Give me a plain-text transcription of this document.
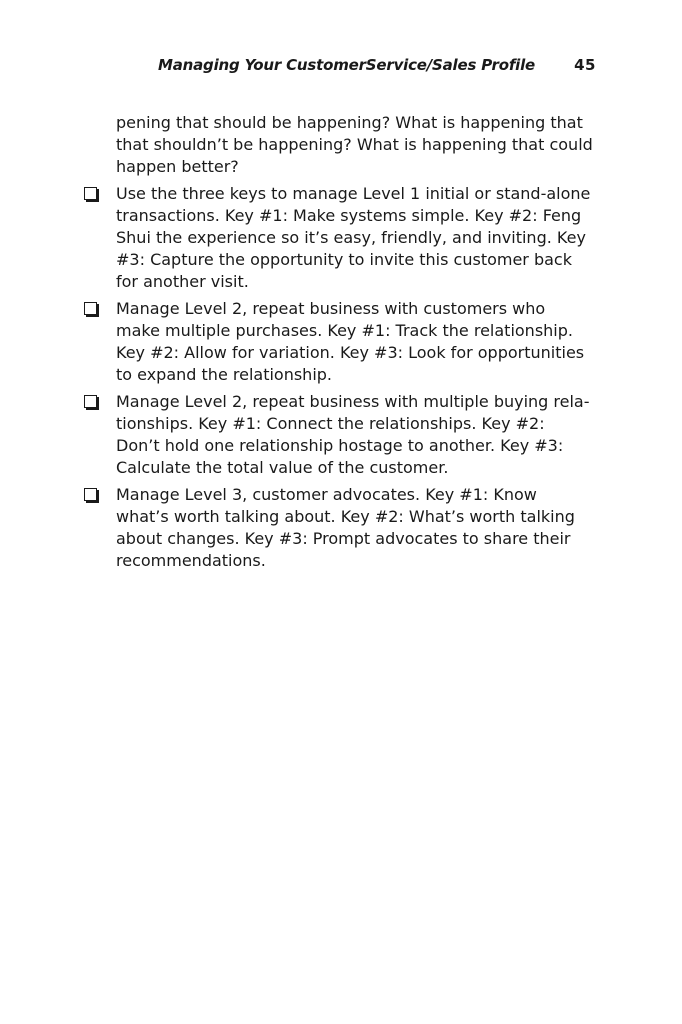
Managing Your CustomerService/Sales Profile	45

pening that should be happening? What is happening that
that shouldn’t be happening? What is happening that could
happen better?

Use the three keys to manage Level 1 initial or stand-alone
transactions. Key #1: Make systems simple. Key #2: Feng
Shui the experience so it’s easy, friendly, and inviting. Key
#3: Capture the opportunity to invite this customer back
for another visit.
Manage Level 2, repeat business with customers who
make multiple purchases. Key #1: Track the relationship.
Key #2: Allow for variation. Key #3: Look for opportunities
to expand the relationship.
Manage Level 2, repeat business with multiple buying rela-
tionships. Key #1: Connect the relationships. Key #2:
Don’t hold one relationship hostage to another. Key #3:
Calculate the total value of the customer.
Manage Level 3, customer advocates. Key #1: Know
what’s worth talking about. Key #2: What’s worth talking
about changes. Key #3: Prompt advocates to share their
recommendations.
